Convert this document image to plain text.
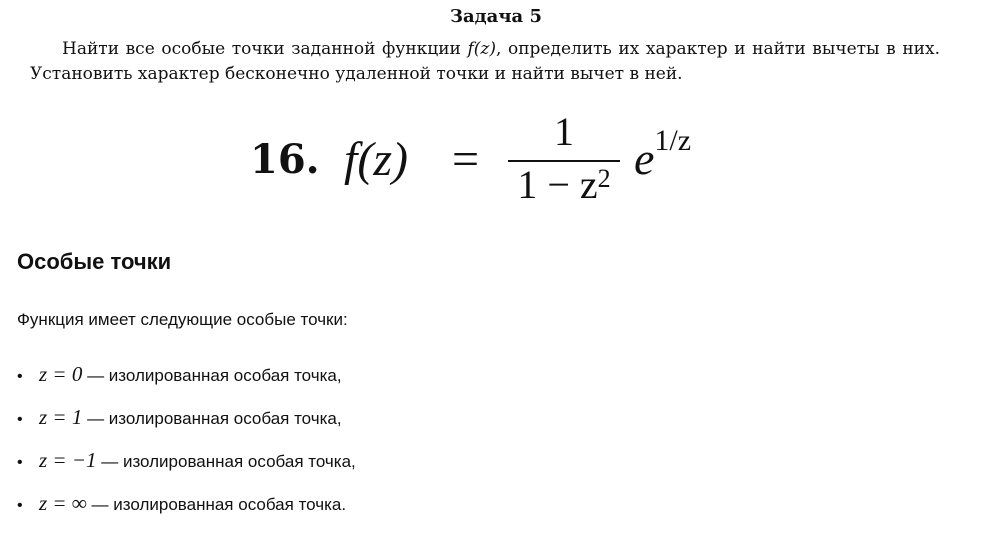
Задача 5
Найти все особые точки заданной функции f(z), определить их характер и найти вычеты в них. Установить характер бесконечно удаленной точки и найти вычет в ней.
16. f(z) =
1
$1 - z^2$ $e^{1/z}$
Особые точки
Функция имеет следующие особые точки:
• z = 0 — изолированная особая точка,
• z = 1 — изолированная особая точка,
• z = −1 — изолированная особая точка,
• z = ∞ — изолированная особая точка.
